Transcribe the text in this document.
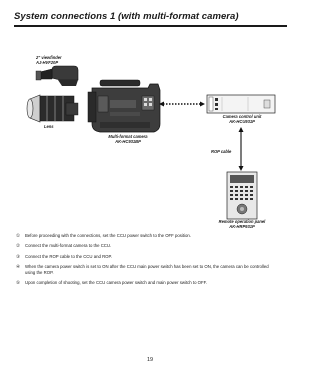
System connections 1 (with multi-format camera)
2" viewfinder
AJ-HVF20P
Lens
Multi-format camera
AK-HC931BP
Camera control unit
AK-HCU931P
ROP cable
Remote operation panel
AK-HRP931P
① Before proceeding with the connections, set the CCU power switch to the OFF position.
② Connect the multi-format camera to the CCU.
③ Connect the ROP cable to the CCU and ROP.
④ When the camera power switch is set to ON after the CCU main power switch has been set to ON, the camera can be controlled using the ROP.
⑤ Upon completion of shooting, set the CCU camera power switch and main power switch to OFF.
19
